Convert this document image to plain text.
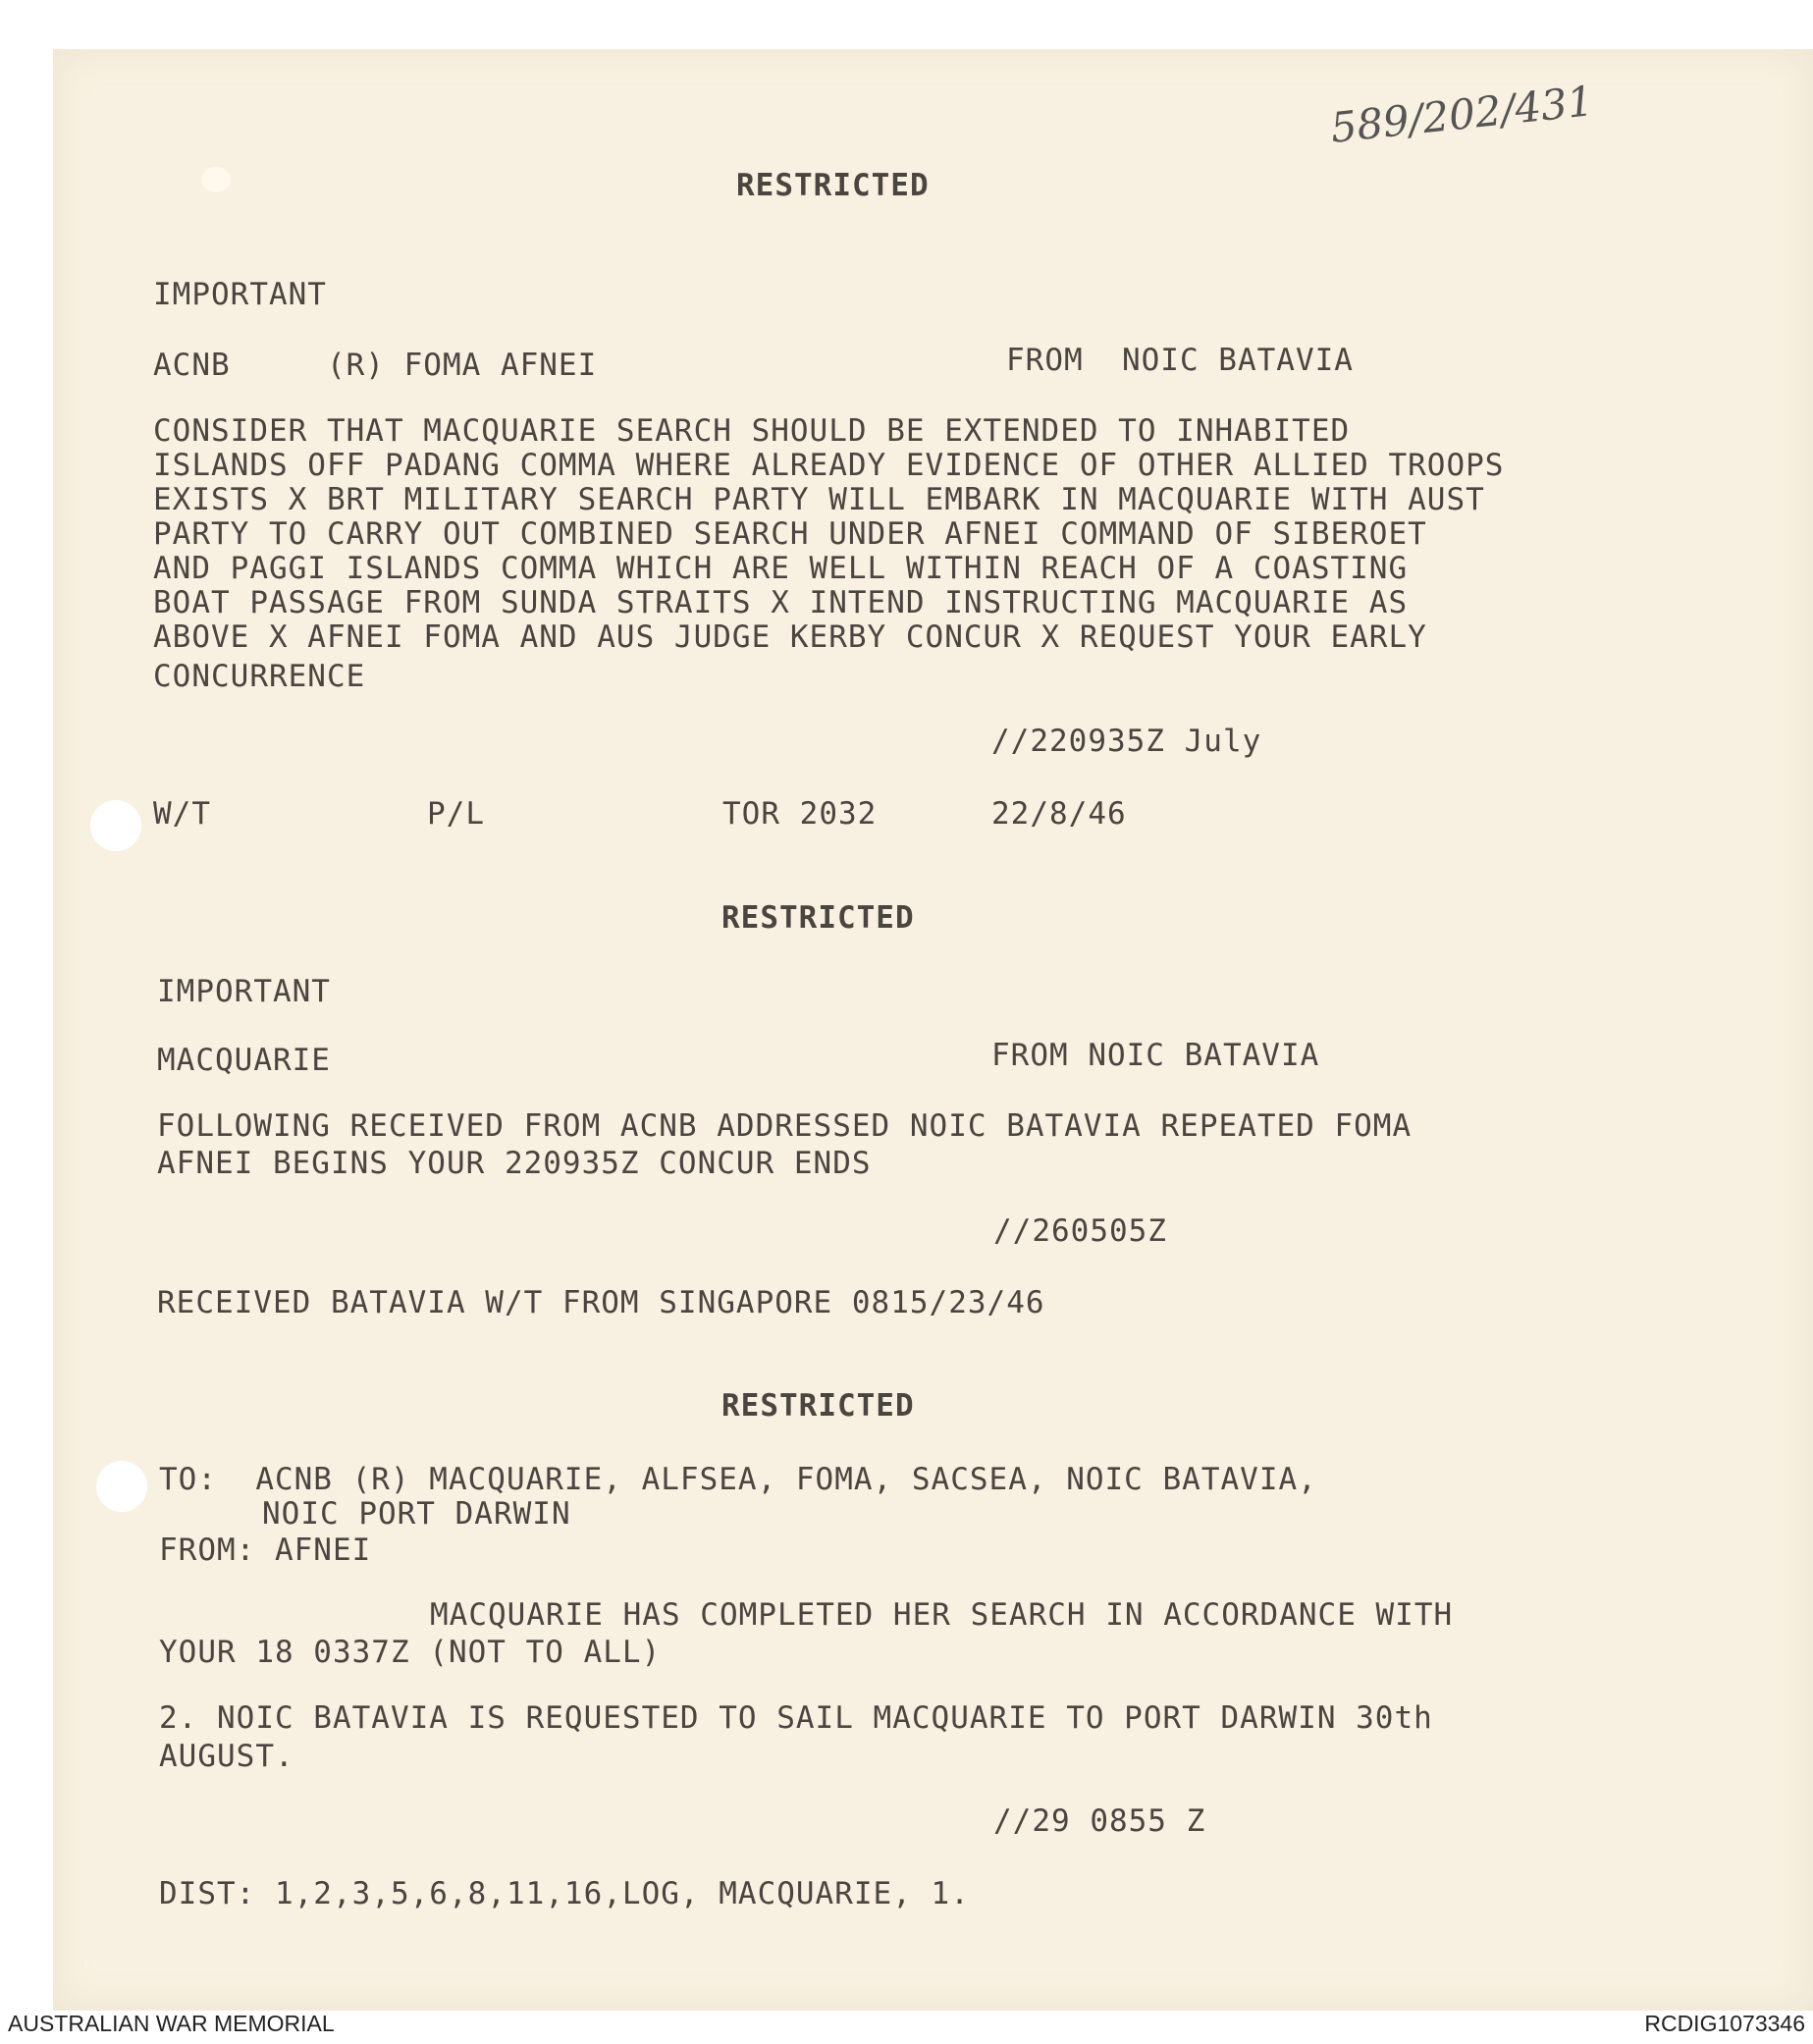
589/202/431
RESTRICTED
IMPORTANT
ACNB     (R) FOMA AFNEI	FROM  NOIC BATAVIA
CONSIDER THAT MACQUARIE SEARCH SHOULD BE EXTENDED TO INHABITED
ISLANDS OFF PADANG COMMA WHERE ALREADY EVIDENCE OF OTHER ALLIED TROOPS
EXISTS X BRT MILITARY SEARCH PARTY WILL EMBARK IN MACQUARIE WITH AUST
PARTY TO CARRY OUT COMBINED SEARCH UNDER AFNEI COMMAND OF SIBEROET
AND PAGGI ISLANDS COMMA WHICH ARE WELL WITHIN REACH OF A COASTING
BOAT PASSAGE FROM SUNDA STRAITS X INTEND INSTRUCTING MACQUARIE AS
ABOVE X AFNEI FOMA AND AUS JUDGE KERBY CONCUR X REQUEST YOUR EARLY
CONCURRENCE
//220935Z July
W/T	P/L	TOR 2032	22/8/46
RESTRICTED
IMPORTANT
MACQUARIE	FROM NOIC BATAVIA
FOLLOWING RECEIVED FROM ACNB ADDRESSED NOIC BATAVIA REPEATED FOMA
AFNEI BEGINS YOUR 220935Z CONCUR ENDS
//260505Z
RECEIVED BATAVIA W/T FROM SINGAPORE 0815/23/46
RESTRICTED
TO:  ACNB (R) MACQUARIE, ALFSEA, FOMA, SACSEA, NOIC BATAVIA,
NOIC PORT DARWIN
FROM: AFNEI
MACQUARIE HAS COMPLETED HER SEARCH IN ACCORDANCE WITH
YOUR 18 0337Z (NOT TO ALL)
2. NOIC BATAVIA IS REQUESTED TO SAIL MACQUARIE TO PORT DARWIN 30th
AUGUST.
//29 0855 Z
DIST: 1,2,3,5,6,8,11,16,LOG, MACQUARIE, 1.
AUSTRALIAN WAR MEMORIAL	RCDIG1073346
